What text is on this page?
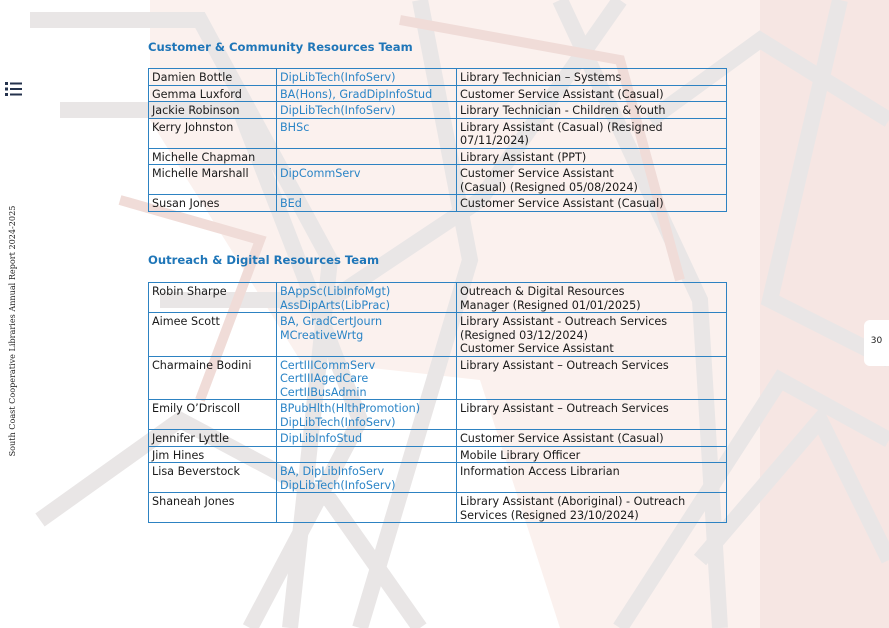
South Coast Cooperative Libraries Annual Report 2024-2025	30
Customer & Community Resources Team
Damien Bottle	DipLibTech(InfoServ)	Library Technician – Systems

Gemma Luxford	BA(Hons), GradDipInfoStud	Customer Service Assistant (Casual)

Jackie Robinson	DipLibTech(InfoServ)	Library Technician - Children & Youth

Kerry Johnston	BHSc	Library Assistant (Casual) (Resigned
07/11/2024)

Michelle Chapman		Library Assistant (PPT)

Michelle Marshall	DipCommServ	Customer Service Assistant
(Casual) (Resigned 05/08/2024)

Susan Jones	BEd	Customer Service Assistant (Casual)
Outreach & Digital Resources Team
Robin Sharpe	BAppSc(LibInfoMgt)
AssDipArts(LibPrac)	Outreach & Digital Resources
Manager (Resigned 01/01/2025)

Aimee Scott	BA, GradCertJourn
MCreativeWrtg	Library Assistant - Outreach Services
(Resigned 03/12/2024)
Customer Service Assistant

Charmaine Bodini	CertIIICommServ
CertIIIAgedCare
CertIIBusAdmin	Library Assistant – Outreach Services

Emily O’Driscoll	BPubHlth(HlthPromotion)
DipLibTech(InfoServ)	Library Assistant – Outreach Services

Jennifer Lyttle	DipLibInfoStud	Customer Service Assistant (Casual)

Jim Hines		Mobile Library Officer

Lisa Beverstock	BA, DipLibInfoServ
DipLibTech(InfoServ)	Information Access Librarian

Shaneah Jones		Library Assistant (Aboriginal) - Outreach
Services (Resigned 23/10/2024)
